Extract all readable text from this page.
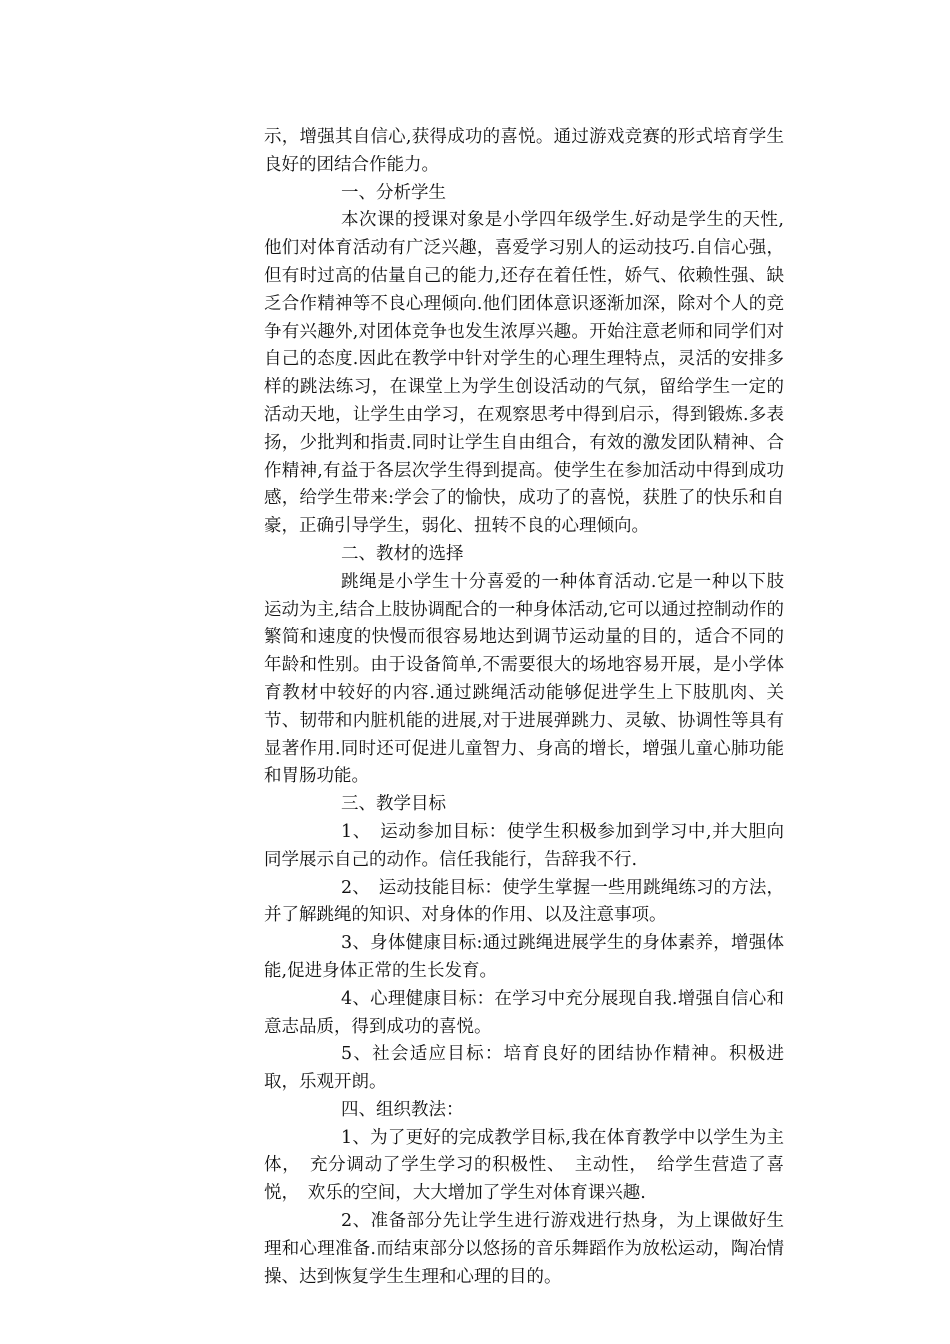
示，增强其自信心,获得成功的喜悦。通过游戏竞赛的形式培育学生良好的团结合作能力。

一、分析学生

本次课的授课对象是小学四年级学生.好动是学生的天性,他们对体育活动有广泛兴趣，喜爱学习别人的运动技巧.自信心强，但有时过高的估量自己的能力,还存在着任性，娇气、依赖性强、缺乏合作精神等不良心理倾向.他们团体意识逐渐加深，除对个人的竞争有兴趣外,对团体竞争也发生浓厚兴趣。开始注意老师和同学们对自己的态度.因此在教学中针对学生的心理生理特点，灵活的安排多样的跳法练习，在课堂上为学生创设活动的气氛，留给学生一定的活动天地，让学生由学习，在观察思考中得到启示，得到锻炼.多表扬，少批判和指责.同时让学生自由组合，有效的激发团队精神、合作精神,有益于各层次学生得到提高。使学生在参加活动中得到成功感，给学生带来:学会了的愉快，成功了的喜悦，获胜了的快乐和自豪，正确引导学生，弱化、扭转不良的心理倾向。

二、教材的选择

跳绳是小学生十分喜爱的一种体育活动.它是一种以下肢运动为主,结合上肢协调配合的一种身体活动,它可以通过控制动作的繁简和速度的快慢而很容易地达到调节运动量的目的，适合不同的年龄和性别。由于设备简单,不需要很大的场地容易开展，是小学体育教材中较好的内容.通过跳绳活动能够促进学生上下肢肌肉、关节、韧带和内脏机能的进展,对于进展弹跳力、灵敏、协调性等具有显著作用.同时还可促进儿童智力、身高的增长，增强儿童心肺功能和胃肠功能。

三、教学目标

1、　运动参加目标：使学生积极参加到学习中,并大胆向同学展示自己的动作。信任我能行，告辞我不行.

2、　运动技能目标：使学生掌握一些用跳绳练习的方法，并了解跳绳的知识、对身体的作用、以及注意事项。

3、身体健康目标:通过跳绳进展学生的身体素养，增强体能,促进身体正常的生长发育。

4、心理健康目标：在学习中充分展现自我.增强自信心和意志品质，得到成功的喜悦。

5、社会适应目标：培育良好的团结协作精神。积极进取，乐观开朗。

四、组织教法：

1、为了更好的完成教学目标,我在体育教学中以学生为主体，　充分调动了学生学习的积极性、　主动性，　给学生营造了喜悦，　欢乐的空间，大大增加了学生对体育课兴趣.

2、准备部分先让学生进行游戏进行热身，为上课做好生理和心理准备.而结束部分以悠扬的音乐舞蹈作为放松运动，陶冶情操、达到恢复学生生理和心理的目的。
